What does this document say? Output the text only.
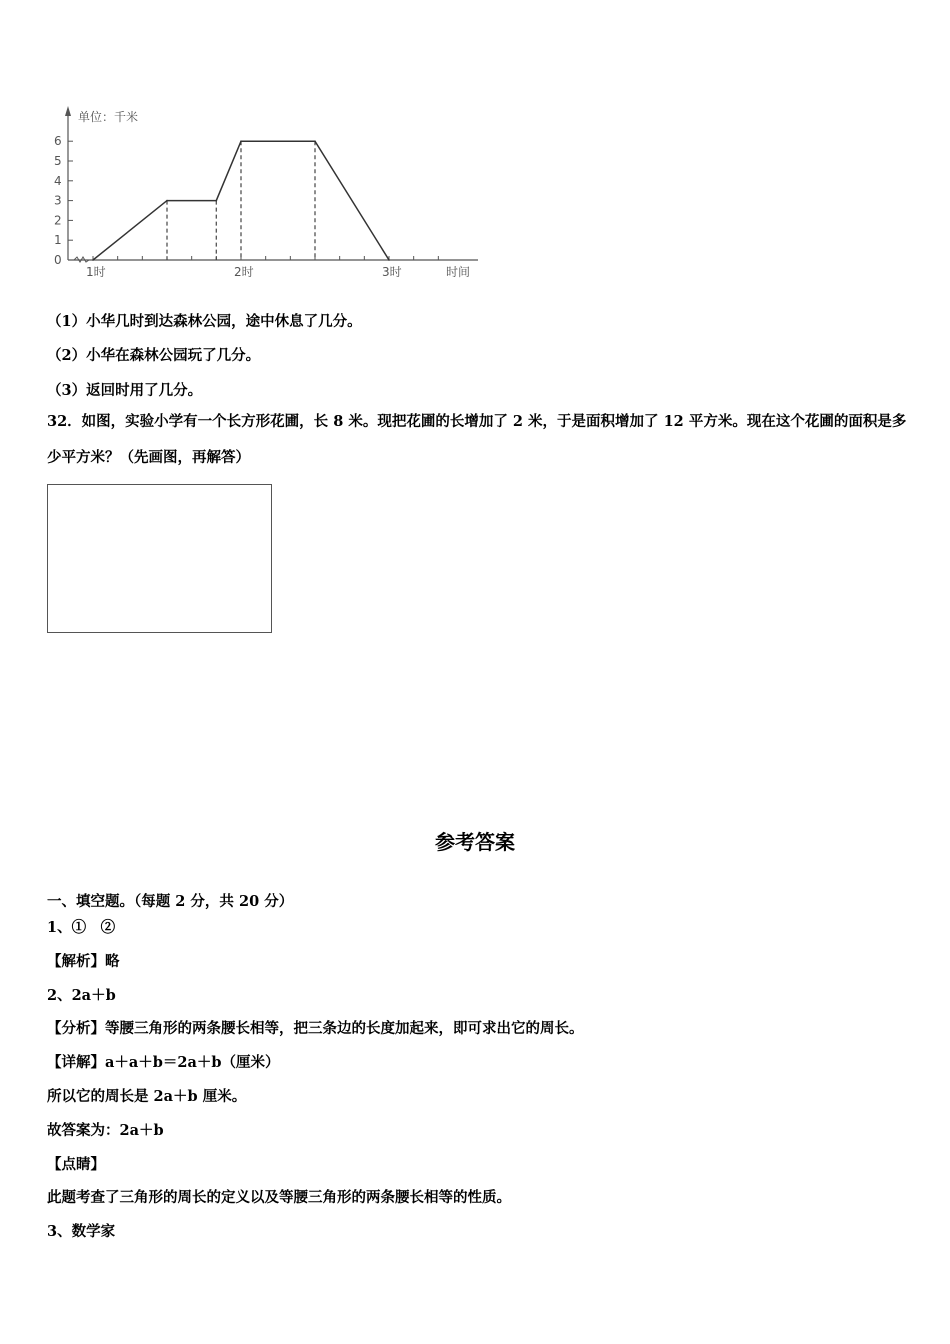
单位：千米
0
1
2
3
4
5
6
1时	2时	3时	时间
（1）小华几时到达森林公园，途中休息了几分。
（2）小华在森林公园玩了几分。
（3）返回时用了几分。
32．如图，实验小学有一个长方形花圃，长 8 米。现把花圃的长增加了 2 米，于是面积增加了 12 平方米。现在这个花圃的面积是多少平方米？（先画图，再解答）
参考答案
一、填空题。（每题 2 分，共 20 分）
1、①　②
【解析】略
2、2a＋b
【分析】等腰三角形的两条腰长相等，把三条边的长度加起来，即可求出它的周长。
【详解】a＋a＋b＝2a＋b（厘米）
所以它的周长是 2a＋b 厘米。
故答案为：2a＋b
【点睛】
此题考查了三角形的周长的定义以及等腰三角形的两条腰长相等的性质。
3、数学家
